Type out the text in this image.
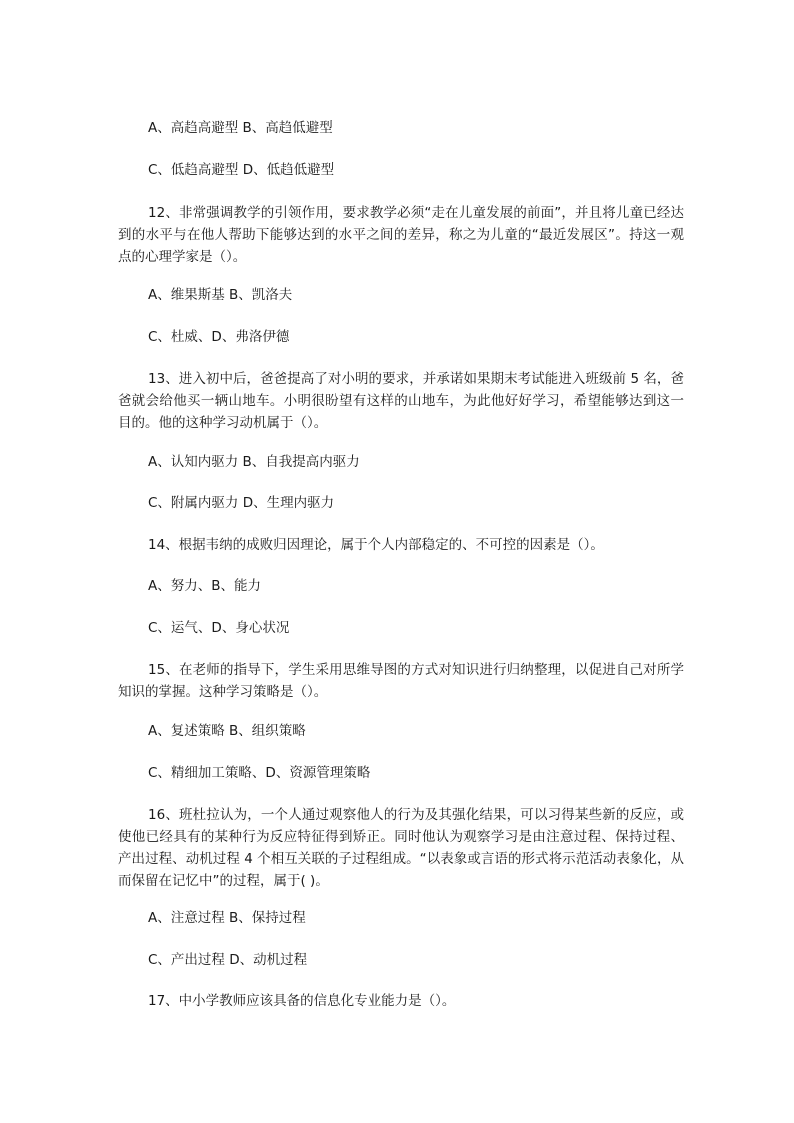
A、高趋高避型 B、高趋低避型
C、低趋高避型 D、低趋低避型
12、非常强调教学的引领作用，要求教学必须“走在儿童发展的前面”，并且将儿童已经达到的水平与在他人帮助下能够达到的水平之间的差异，称之为儿童的“最近发展区”。持这一观点的心理学家是（）。
A、维果斯基 B、凯洛夫
C、杜威、D、弗洛伊德
13、进入初中后，爸爸提高了对小明的要求，并承诺如果期末考试能进入班级前 5 名，爸爸就会给他买一辆山地车。小明很盼望有这样的山地车，为此他好好学习，希望能够达到这一目的。他的这种学习动机属于（）。
A、认知内驱力 B、自我提高内驱力
C、附属内驱力 D、生理内驱力
14、根据韦纳的成败归因理论，属于个人内部稳定的、不可控的因素是（）。
A、努力、B、能力
C、运气、D、身心状况
15、在老师的指导下，学生采用思维导图的方式对知识进行归纳整理，以促进自己对所学知识的掌握。这种学习策略是（）。
A、复述策略 B、组织策略
C、精细加工策略、D、资源管理策略
16、班杜拉认为，一个人通过观察他人的行为及其强化结果，可以习得某些新的反应，或使他已经具有的某种行为反应特征得到矫正。同时他认为观察学习是由注意过程、保持过程、产出过程、动机过程 4 个相互关联的子过程组成。“以表象或言语的形式将示范活动表象化，从而保留在记忆中”的过程，属于( )。
A、注意过程 B、保持过程
C、产出过程 D、动机过程
17、中小学教师应该具备的信息化专业能力是（）。
